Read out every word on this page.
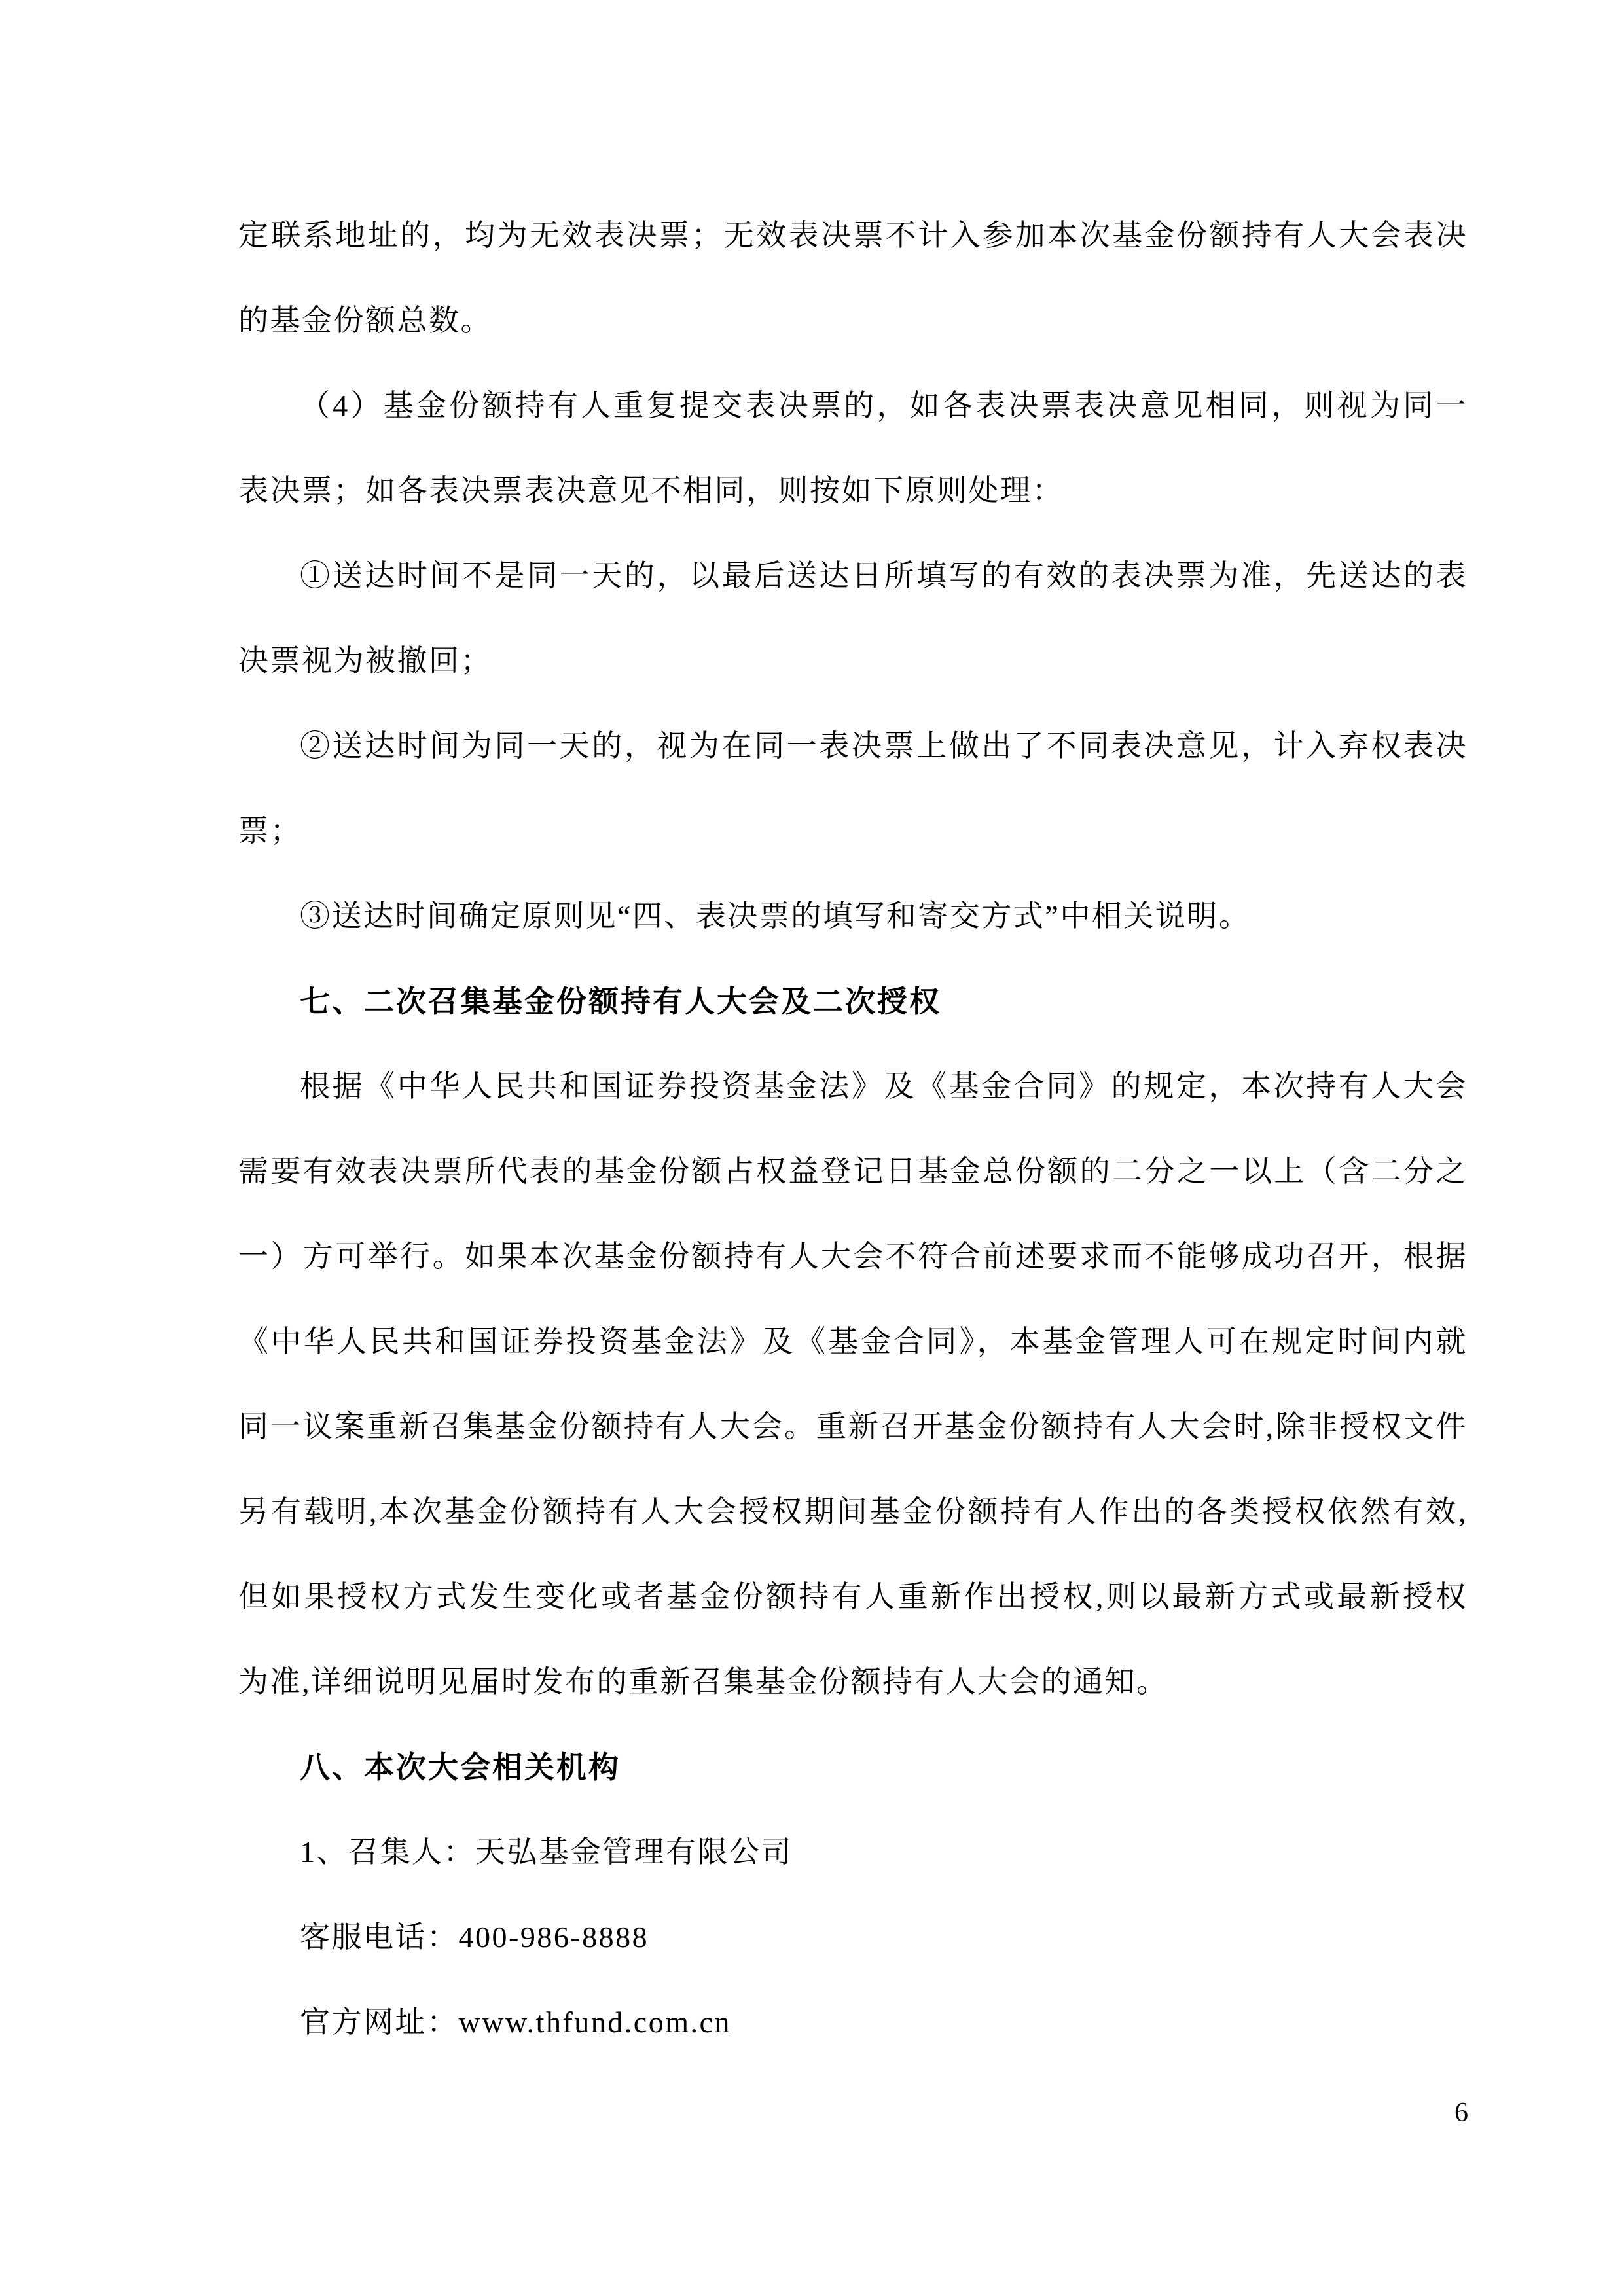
定联系地址的，均为无效表决票；无效表决票不计入参加本次基金份额持有人大会表决
的基金份额总数。
（4）基金份额持有人重复提交表决票的，如各表决票表决意见相同，则视为同一
表决票；如各表决票表决意见不相同，则按如下原则处理：
①送达时间不是同一天的，以最后送达日所填写的有效的表决票为准，先送达的表
决票视为被撤回；
②送达时间为同一天的，视为在同一表决票上做出了不同表决意见，计入弃权表决
票；
③送达时间确定原则见“四、表决票的填写和寄交方式”中相关说明。
七、二次召集基金份额持有人大会及二次授权
根据《中华人民共和国证券投资基金法》及《基金合同》的规定，本次持有人大会
需要有效表决票所代表的基金份额占权益登记日基金总份额的二分之一以上（含二分之
一）方可举行。如果本次基金份额持有人大会不符合前述要求而不能够成功召开，根据
《中华人民共和国证券投资基金法》及《基金合同》，本基金管理人可在规定时间内就
同一议案重新召集基金份额持有人大会。重新召开基金份额持有人大会时,除非授权文件
另有载明,本次基金份额持有人大会授权期间基金份额持有人作出的各类授权依然有效,
但如果授权方式发生变化或者基金份额持有人重新作出授权,则以最新方式或最新授权
为准,详细说明见届时发布的重新召集基金份额持有人大会的通知。
八、本次大会相关机构
1、召集人：天弘基金管理有限公司
客服电话：400-986-8888
官方网址：www.thfund.com.cn
6
